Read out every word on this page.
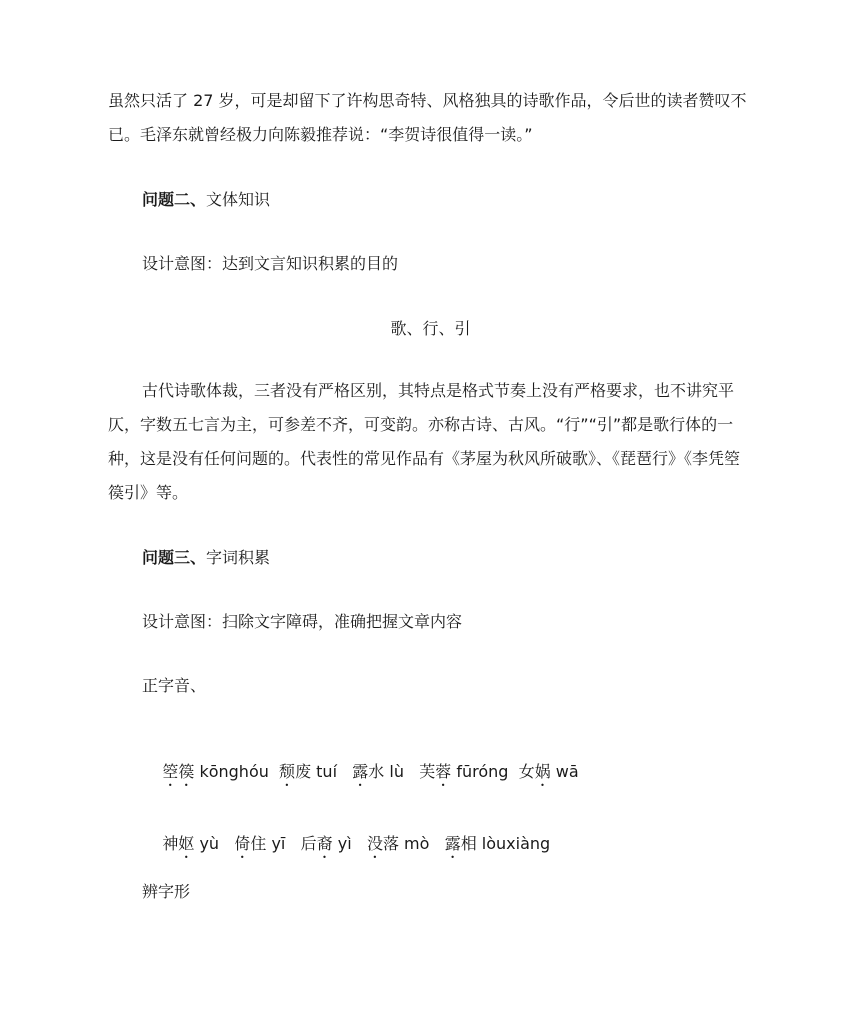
虽然只活了 27 岁，可是却留下了许构思奇特、风格独具的诗歌作品，令后世的读者赞叹不已。毛泽东就曾经极力向陈毅推荐说：“李贺诗很值得一读。”

问题二、文体知识

设计意图：达到文言知识积累的目的

歌、行、引

古代诗歌体裁，三者没有严格区别，其特点是格式节奏上没有严格要求，也不讲究平仄，字数五七言为主，可参差不齐，可变韵。亦称古诗、古风。“行”“引”都是歌行体的一种，这是没有任何问题的。代表性的常见作品有《茅屋为秋风所破歌》、《琵琶行》《李凭箜篌引》等。

问题三、字词积累

设计意图：扫除文字障碍，准确把握文章内容

正字音、

箜篌 kōnghóu 颓废 tuí 露水 lù 芙蓉 fūróng 女娲 wā

神妪 yù 倚住 yī 后裔 yì 没落 mò 露相 lòuxiàng

辨字形
